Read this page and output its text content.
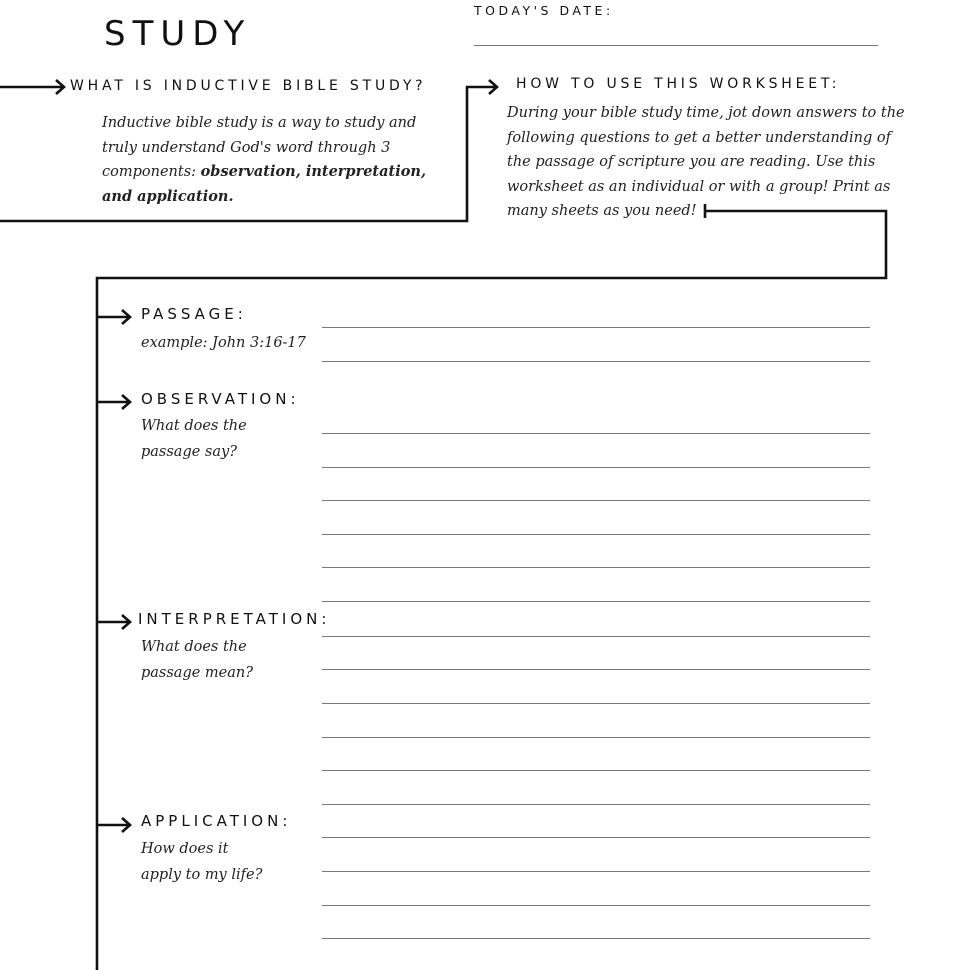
STUDY
TODAY'S DATE:
WHAT IS INDUCTIVE BIBLE STUDY?
Inductive bible study is a way to study and truly understand God's word through 3 components: observation, interpretation, and application.
HOW TO USE THIS WORKSHEET:
During your bible study time, jot down answers to the following questions to get a better understanding of the passage of scripture you are reading. Use this worksheet as an individual or with a group! Print as many sheets as you need!
PASSAGE:
example: John 3:16-17
OBSERVATION:
What does the passage say?
INTERPRETATION:
What does the passage mean?
APPLICATION:
How does it apply to my life?
